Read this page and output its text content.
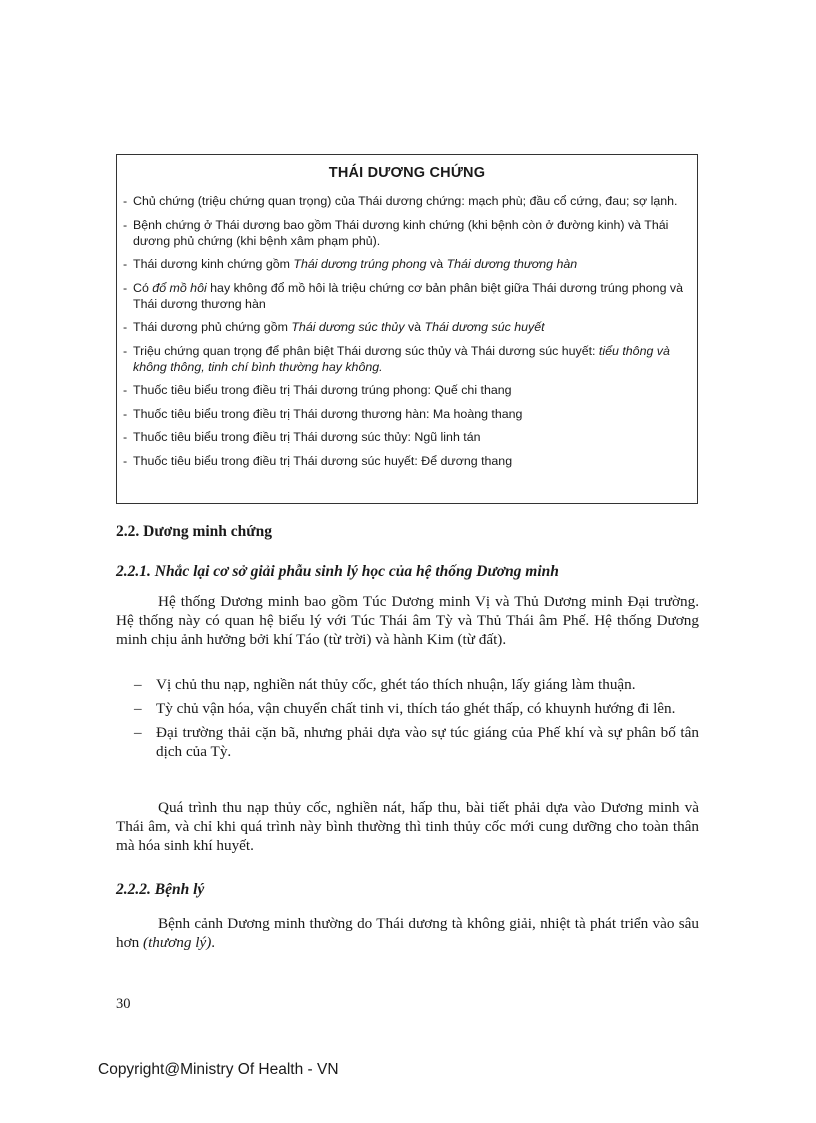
THÁI DƯƠNG CHỨNG
- Chủ chứng (triệu chứng quan trọng) của Thái dương chứng: mạch phù; đầu cổ cứng, đau; sợ lạnh.
- Bệnh chứng ở Thái dương bao gồm Thái dương kinh chứng (khi bệnh còn ở đường kinh) và Thái dương phủ chứng (khi bệnh xâm phạm phủ).
- Thái dương kinh chứng gồm Thái dương trúng phong và Thái dương thương hàn
- Có đổ mồ hôi hay không đổ mồ hôi là triệu chứng cơ bản phân biệt giữa Thái dương trúng phong và Thái dương thương hàn
- Thái dương phủ chứng gồm Thái dương súc thủy và Thái dương súc huyết
- Triệu chứng quan trọng để phân biệt Thái dương súc thủy và Thái dương súc huyết: tiểu thông và không thông, tinh chí bình thường hay không.
- Thuốc tiêu biểu trong điều trị Thái dương trúng phong: Quế chi thang
- Thuốc tiêu biểu trong điều trị Thái dương thương hàn: Ma hoàng thang
- Thuốc tiêu biểu trong điều trị Thái dương súc thủy: Ngũ linh tán
- Thuốc tiêu biểu trong điều trị Thái dương súc huyết: Để dương thang
2.2. Dương minh chứng
2.2.1. Nhắc lại cơ sở giải phẫu sinh lý học của hệ thống Dương minh
Hệ thống Dương minh bao gồm Túc Dương minh Vị và Thủ Dương minh Đại trường. Hệ thống này có quan hệ biểu lý với Túc Thái âm Tỳ và Thủ Thái âm Phế. Hệ thống Dương minh chịu ảnh hưởng bởi khí Táo (từ trời) và hành Kim (từ đất).
– Vị chủ thu nạp, nghiền nát thủy cốc, ghét táo thích nhuận, lấy giáng làm thuận.
– Tỳ chủ vận hóa, vận chuyển chất tinh vi, thích táo ghét thấp, có khuynh hướng đi lên.
– Đại trường thải cặn bã, nhưng phải dựa vào sự túc giáng của Phế khí và sự phân bố tân dịch của Tỳ.
Quá trình thu nạp thủy cốc, nghiền nát, hấp thu, bài tiết phải dựa vào Dương minh và Thái âm, và chỉ khi quá trình này bình thường thì tinh thủy cốc mới cung dưỡng cho toàn thân mà hóa sinh khí huyết.
2.2.2. Bệnh lý
Bệnh cảnh Dương minh thường do Thái dương tà không giải, nhiệt tà phát triển vào sâu hơn (thương lý).
30
Copyright@Ministry Of Health - VN
